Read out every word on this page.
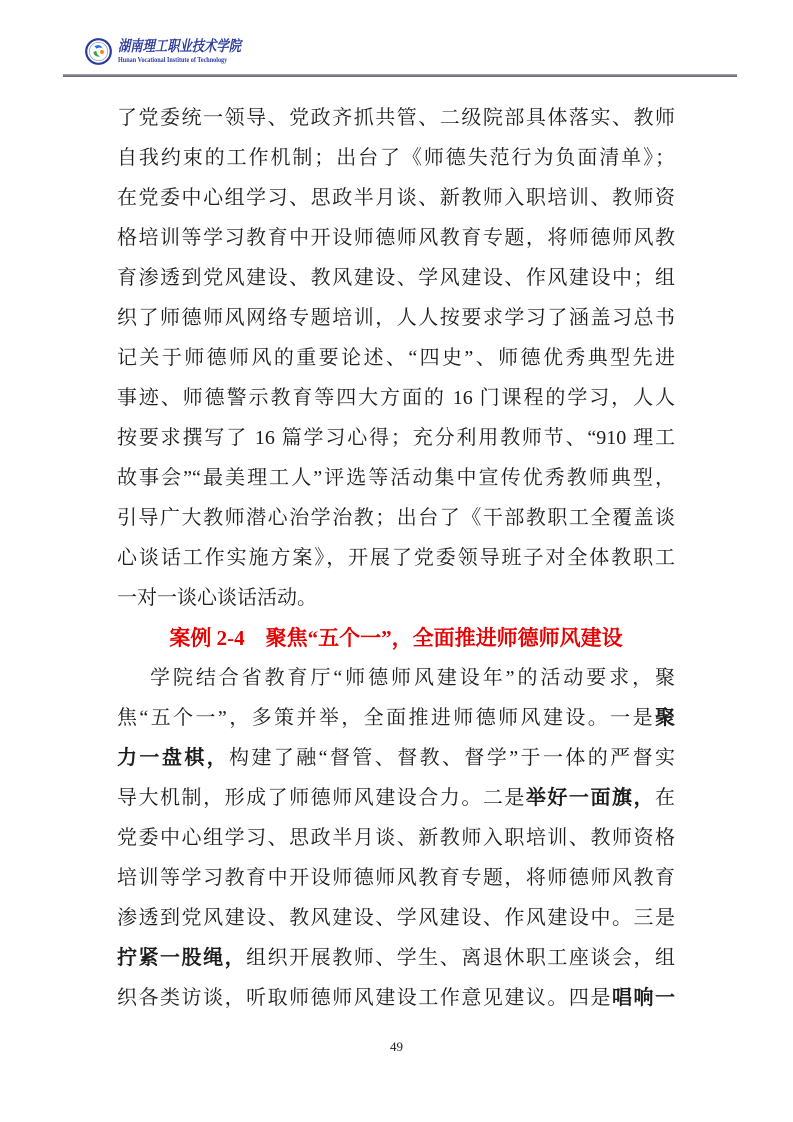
湖南理工职业技术学院
Hunan Vocational Institute of Technology
了党委统一领导、党政齐抓共管、二级院部具体落实、教师
自我约束的工作机制；出台了《师德失范行为负面清单》；
在党委中心组学习、思政半月谈、新教师入职培训、教师资
格培训等学习教育中开设师德师风教育专题，将师德师风教
育渗透到党风建设、教风建设、学风建设、作风建设中；组
织了师德师风网络专题培训，人人按要求学习了涵盖习总书
记关于师德师风的重要论述、“四史”、师德优秀典型先进
事迹、师德警示教育等四大方面的 16 门课程的学习，人人
按要求撰写了 16 篇学习心得；充分利用教师节、“910 理工
故事会”“最美理工人”评选等活动集中宣传优秀教师典型，
引导广大教师潜心治学治教；出台了《干部教职工全覆盖谈
心谈话工作实施方案》，开展了党委领导班子对全体教职工
一对一谈心谈话活动。
案例 2-4　聚焦“五个一”，全面推进师德师风建设
学院结合省教育厅“师德师风建设年”的活动要求，聚
焦“五个一”，多策并举，全面推进师德师风建设。一是聚
力一盘棋，构建了融“督管、督教、督学”于一体的严督实
导大机制，形成了师德师风建设合力。二是举好一面旗，在
党委中心组学习、思政半月谈、新教师入职培训、教师资格
培训等学习教育中开设师德师风教育专题，将师德师风教育
渗透到党风建设、教风建设、学风建设、作风建设中。三是
拧紧一股绳，组织开展教师、学生、离退休职工座谈会，组
织各类访谈，听取师德师风建设工作意见建议。四是唱响一
49
